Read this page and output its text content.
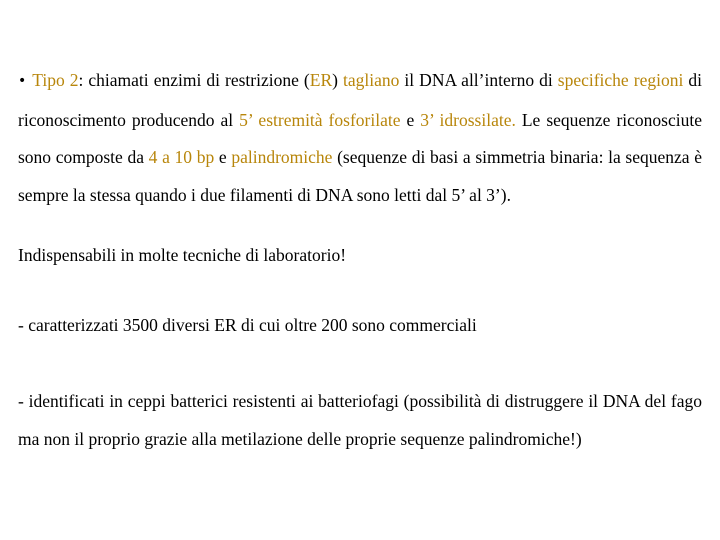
• Tipo 2: chiamati enzimi di restrizione (ER) tagliano il DNA all’interno di specifiche regioni di riconoscimento producendo al 5’ estremità fosforilate e 3’ idrossilate. Le sequenze riconosciute sono composte da 4 a 10 bp e palindromiche (sequenze di basi a simmetria binaria: la sequenza è sempre la stessa quando i due filamenti di DNA sono letti dal 5’ al 3’).
Indispensabili in molte tecniche di laboratorio!
- caratterizzati 3500 diversi ER di cui oltre 200 sono commerciali
- identificati in ceppi batterici resistenti ai batteriofagi (possibilità di distruggere il DNA del fago ma non il proprio grazie alla metilazione delle proprie sequenze palindromiche!)
